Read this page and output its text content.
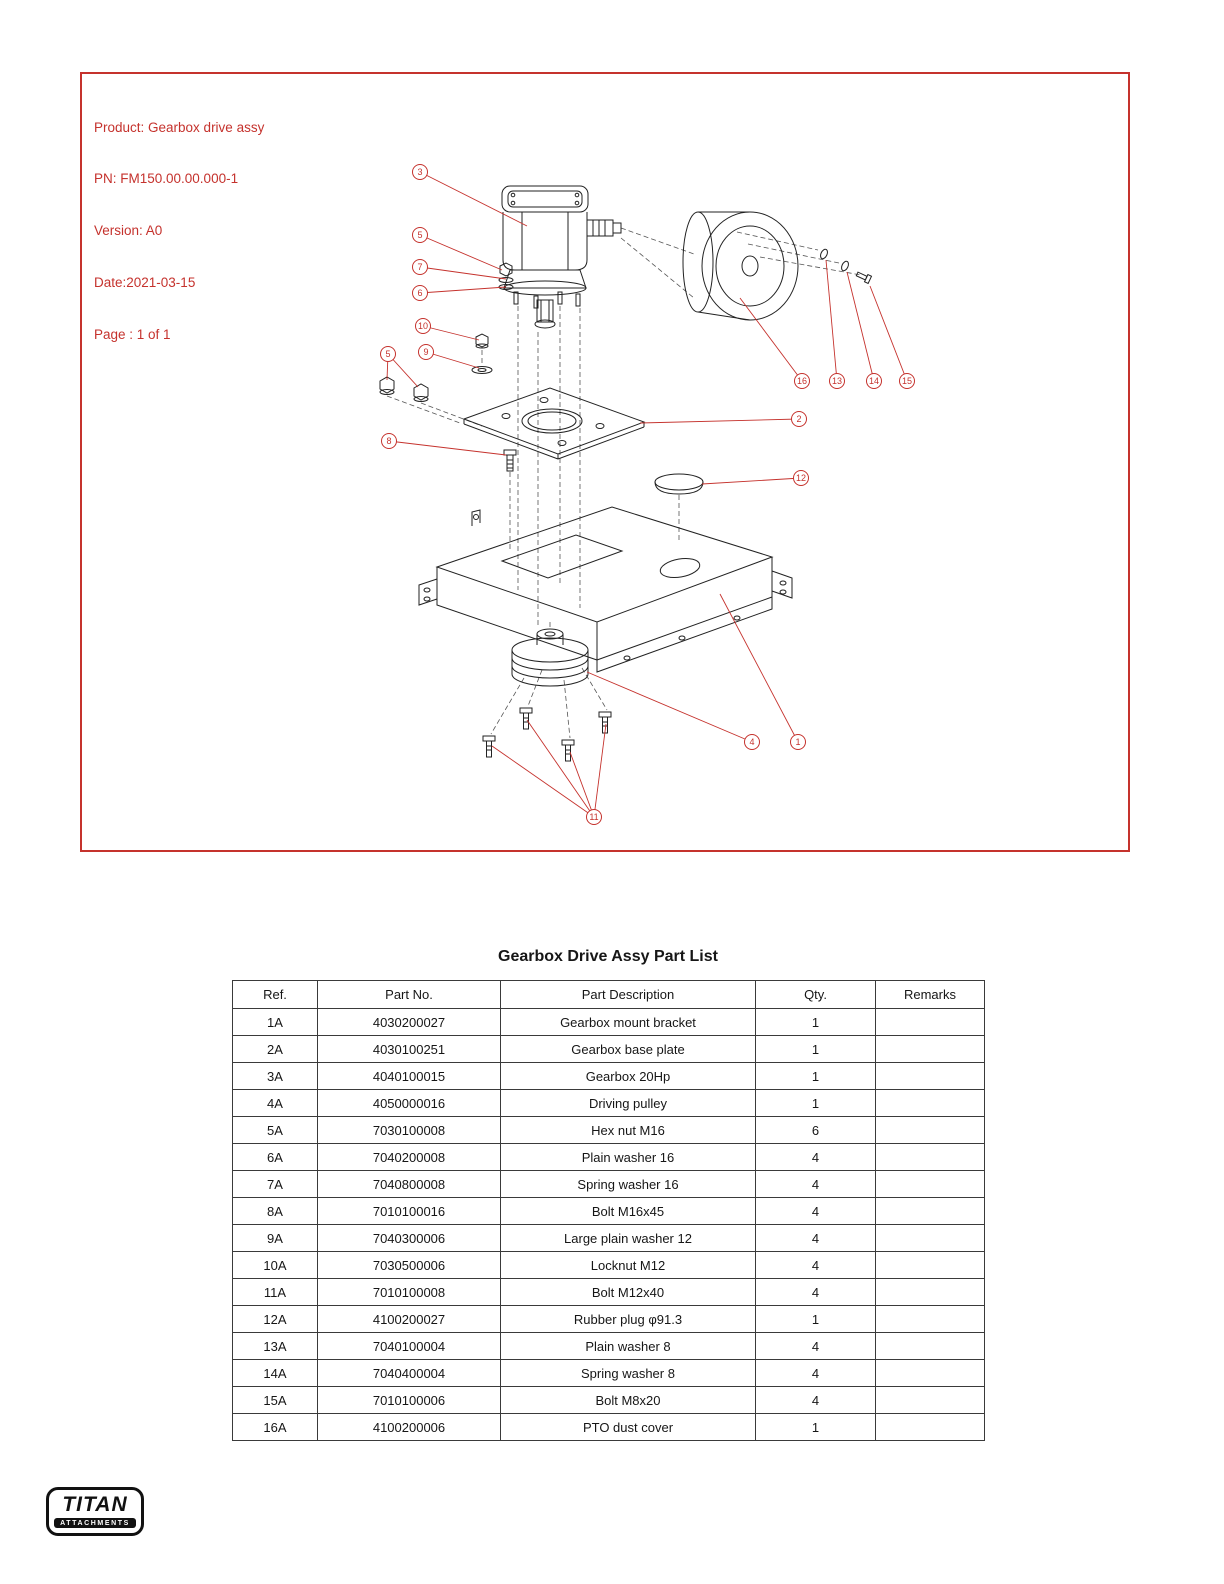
Product: Gearbox drive assy

PN: FM150.00.00.000-1

Version: A0

Date:2021-03-15

Page : 1 of 1

3
5
7
6
10
9
5
8
2
12
16	13	14	15
4	1
11
Gearbox Drive Assy Part List
Ref.	Part No.	Part Description	Qty.	Remarks
1A	4030200027	Gearbox mount bracket	1	
2A	4030100251	Gearbox base plate	1	
3A	4040100015	Gearbox 20Hp	1	
4A	4050000016	Driving pulley	1	
5A	7030100008	Hex nut M16	6	
6A	7040200008	Plain washer 16	4	
7A	7040800008	Spring washer 16	4	
8A	7010100016	Bolt M16x45	4	
9A	7040300006	Large plain washer 12	4	
10A	7030500006	Locknut M12	4	
11A	7010100008	Bolt M12x40	4	
12A	4100200027	Rubber plug φ91.3	1	
13A	7040100004	Plain washer 8	4	
14A	7040400004	Spring washer 8	4	
15A	7010100006	Bolt M8x20	4	
16A	4100200006	PTO dust cover	1	
TITAN
ATTACHMENTS
